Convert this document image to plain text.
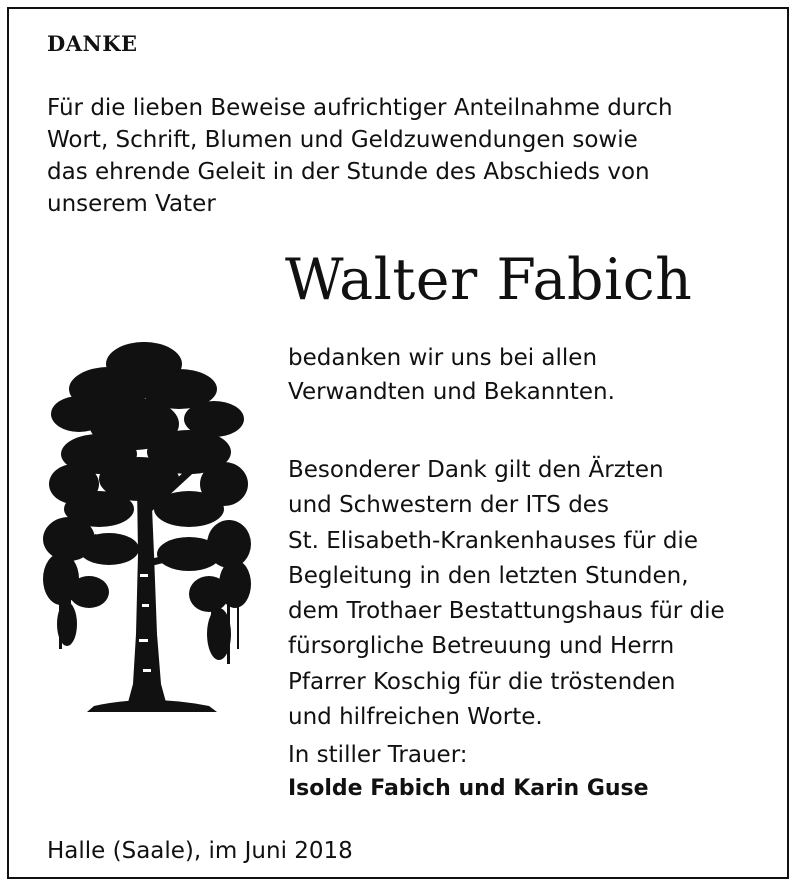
DANKE

Für die lieben Beweise aufrichtiger Anteilnahme durch
Wort, Schrift, Blumen und Geldzuwendungen sowie
das ehrende Geleit in der Stunde des Abschieds von
unserem Vater

Walter Fabich

bedanken wir uns bei allen
Verwandten und Bekannten.

Besonderer Dank gilt den Ärzten
und Schwestern der ITS des
St. Elisabeth-Krankenhauses für die
Begleitung in den letzten Stunden,
dem Trothaer Bestattungshaus für die
fürsorgliche Betreuung und Herrn
Pfarrer Koschig für die tröstenden
und hilfreichen Worte.

In stiller Trauer:
Isolde Fabich und Karin Guse
Halle (Saale), im Juni 2018
